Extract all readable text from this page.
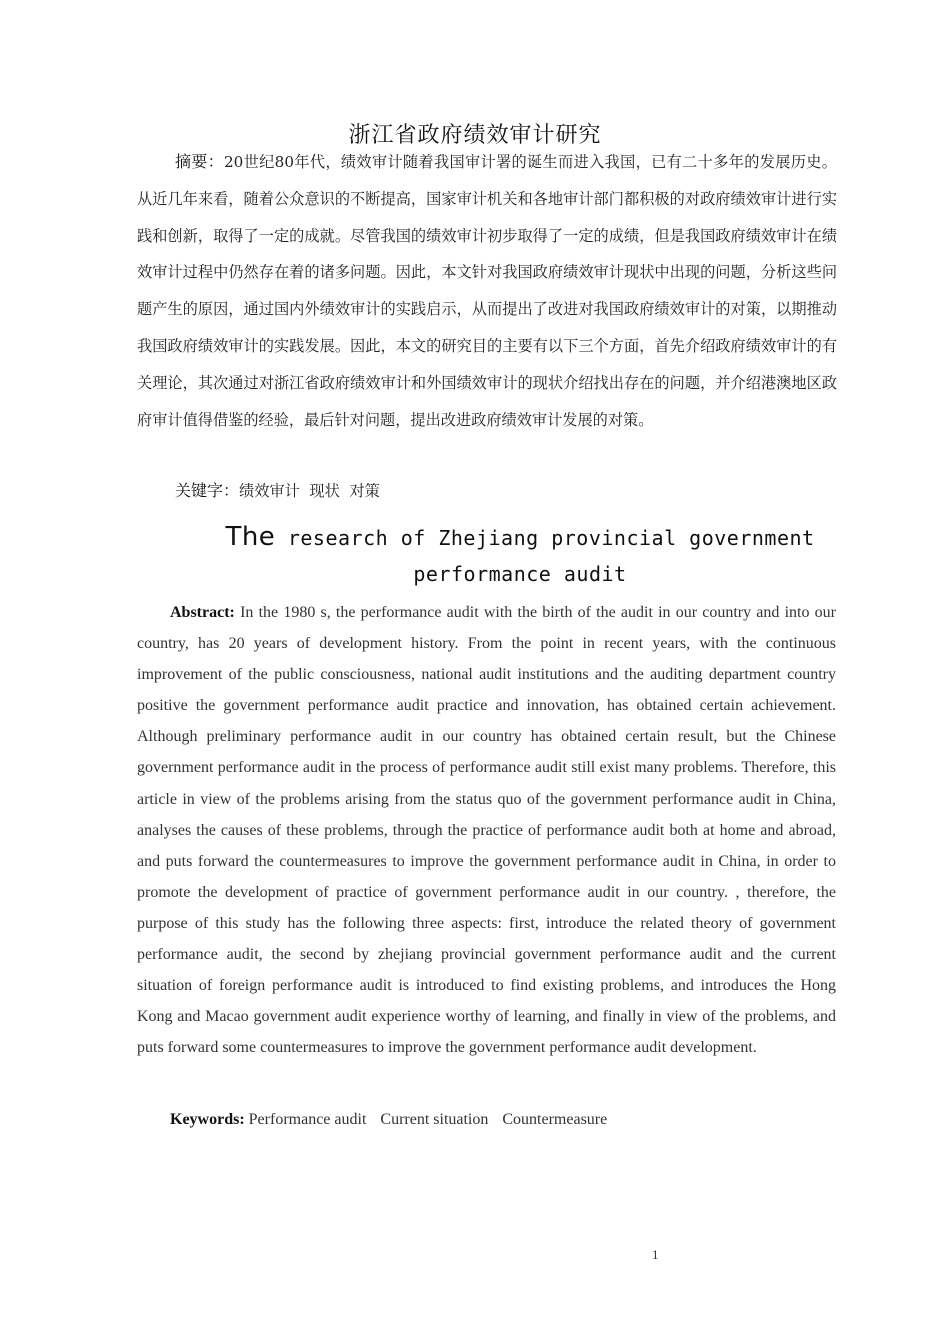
浙江省政府绩效审计研究
摘要：20世纪80年代，绩效审计随着我国审计署的诞生而进入我国，已有二十多年的发展历史。从近几年来看，随着公众意识的不断提高，国家审计机关和各地审计部门都积极的对政府绩效审计进行实践和创新，取得了一定的成就。尽管我国的绩效审计初步取得了一定的成绩，但是我国政府绩效审计在绩效审计过程中仍然存在着的诸多问题。因此，本文针对我国政府绩效审计现状中出现的问题，分析这些问题产生的原因，通过国内外绩效审计的实践启示，从而提出了改进对我国政府绩效审计的对策，以期推动我国政府绩效审计的实践发展。因此，本文的研究目的主要有以下三个方面，首先介绍政府绩效审计的有关理论，其次通过对浙江省政府绩效审计和外国绩效审计的现状介绍找出存在的问题，并介绍港澳地区政府审计值得借鉴的经验，最后针对问题，提出改进政府绩效审计发展的对策。
关键字：绩效审计  现状  对策
The research of Zhejiang provincial government
performance audit
Abstract: In the 1980 s, the performance audit with the birth of the audit in our country and into our country, has 20 years of development history. From the point in recent years, with the continuous improvement of the public consciousness, national audit institutions and the auditing department country positive the government performance audit practice and innovation, has obtained certain achievement. Although preliminary performance audit in our country has obtained certain result, but the Chinese government performance audit in the process of performance audit still exist many problems. Therefore, this article in view of the problems arising from the status quo of the government performance audit in China, analyses the causes of these problems, through the practice of performance audit both at home and abroad, and puts forward the countermeasures to improve the government performance audit in China, in order to promote the development of practice of government performance audit in our country. , therefore, the purpose of this study has the following three aspects: first, introduce the related theory of government performance audit, the second by zhejiang provincial government performance audit and the current situation of foreign performance audit is introduced to find existing problems, and introduces the Hong Kong and Macao government audit experience worthy of learning, and finally in view of the problems, and puts forward some countermeasures to improve the government performance audit development.
Keywords: Performance audit Current situation Countermeasure
1
